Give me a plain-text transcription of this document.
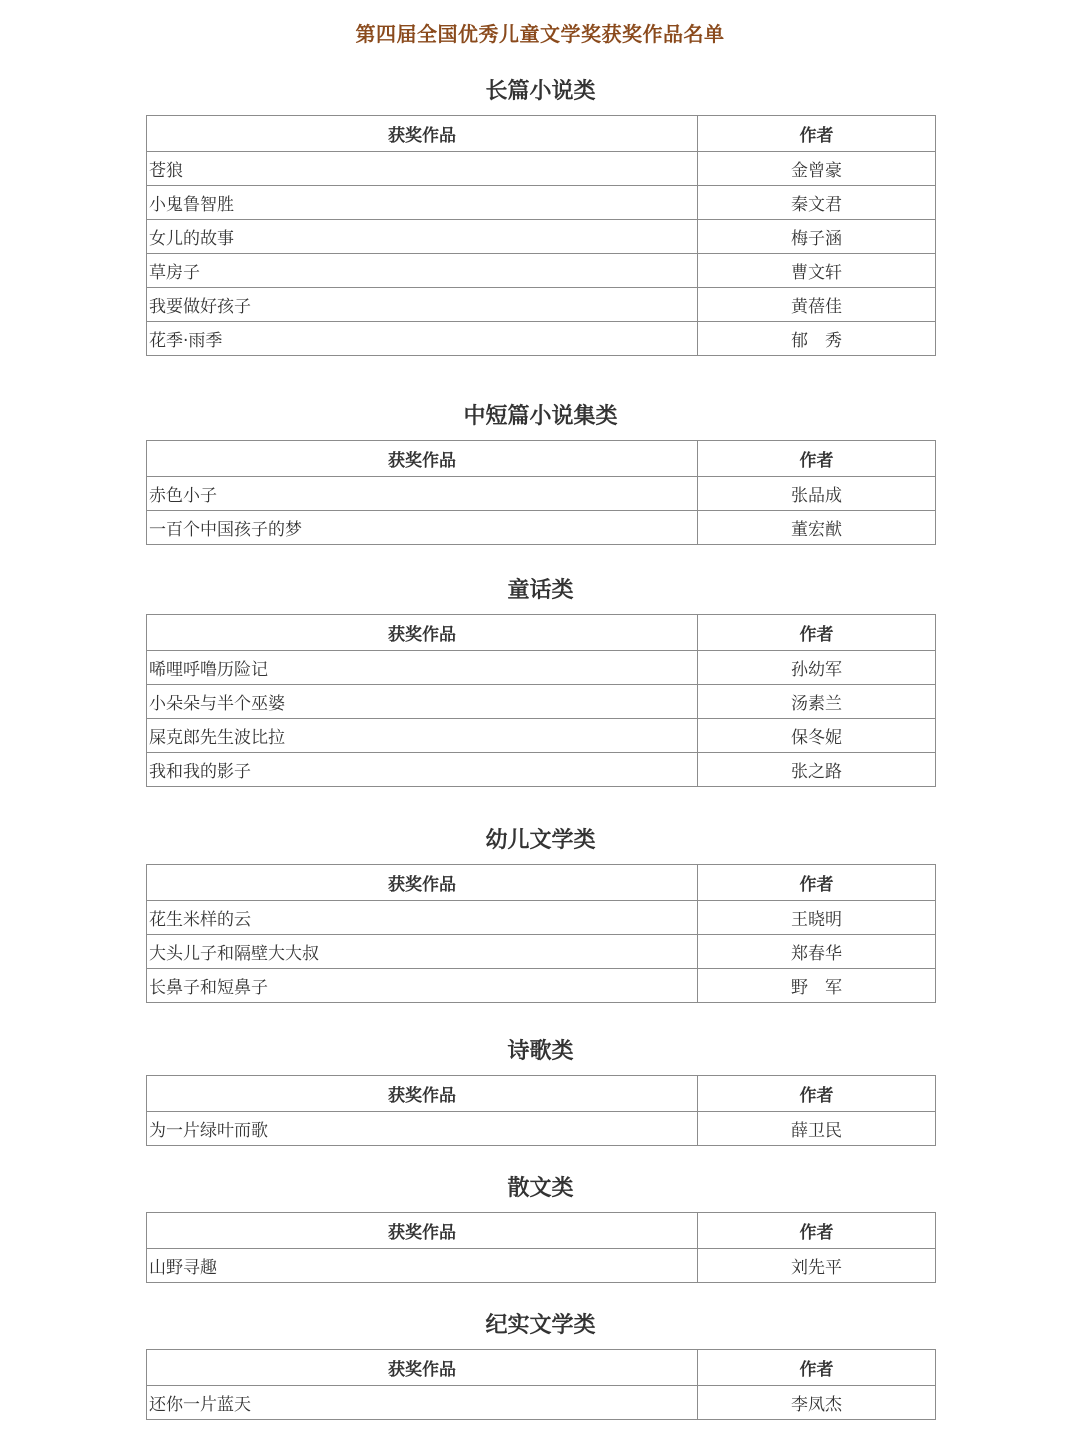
第四届全国优秀儿童文学奖获奖作品名单
长篇小说类
获奖作品	作者
苍狼	金曾豪
小鬼鲁智胜	秦文君
女儿的故事	梅子涵
草房子	曹文轩
我要做好孩子	黄蓓佳
花季·雨季	郁　秀
中短篇小说集类
获奖作品	作者
赤色小子	张品成
一百个中国孩子的梦	董宏猷
童话类
获奖作品	作者
唏哩呼噜历险记	孙幼军
小朵朵与半个巫婆	汤素兰
屎克郎先生波比拉	保冬妮
我和我的影子	张之路
幼儿文学类
获奖作品	作者
花生米样的云	王晓明
大头儿子和隔壁大大叔	郑春华
长鼻子和短鼻子	野　军
诗歌类
获奖作品	作者
为一片绿叶而歌	薛卫民
散文类
获奖作品	作者
山野寻趣	刘先平
纪实文学类
获奖作品	作者
还你一片蓝天	李凤杰
